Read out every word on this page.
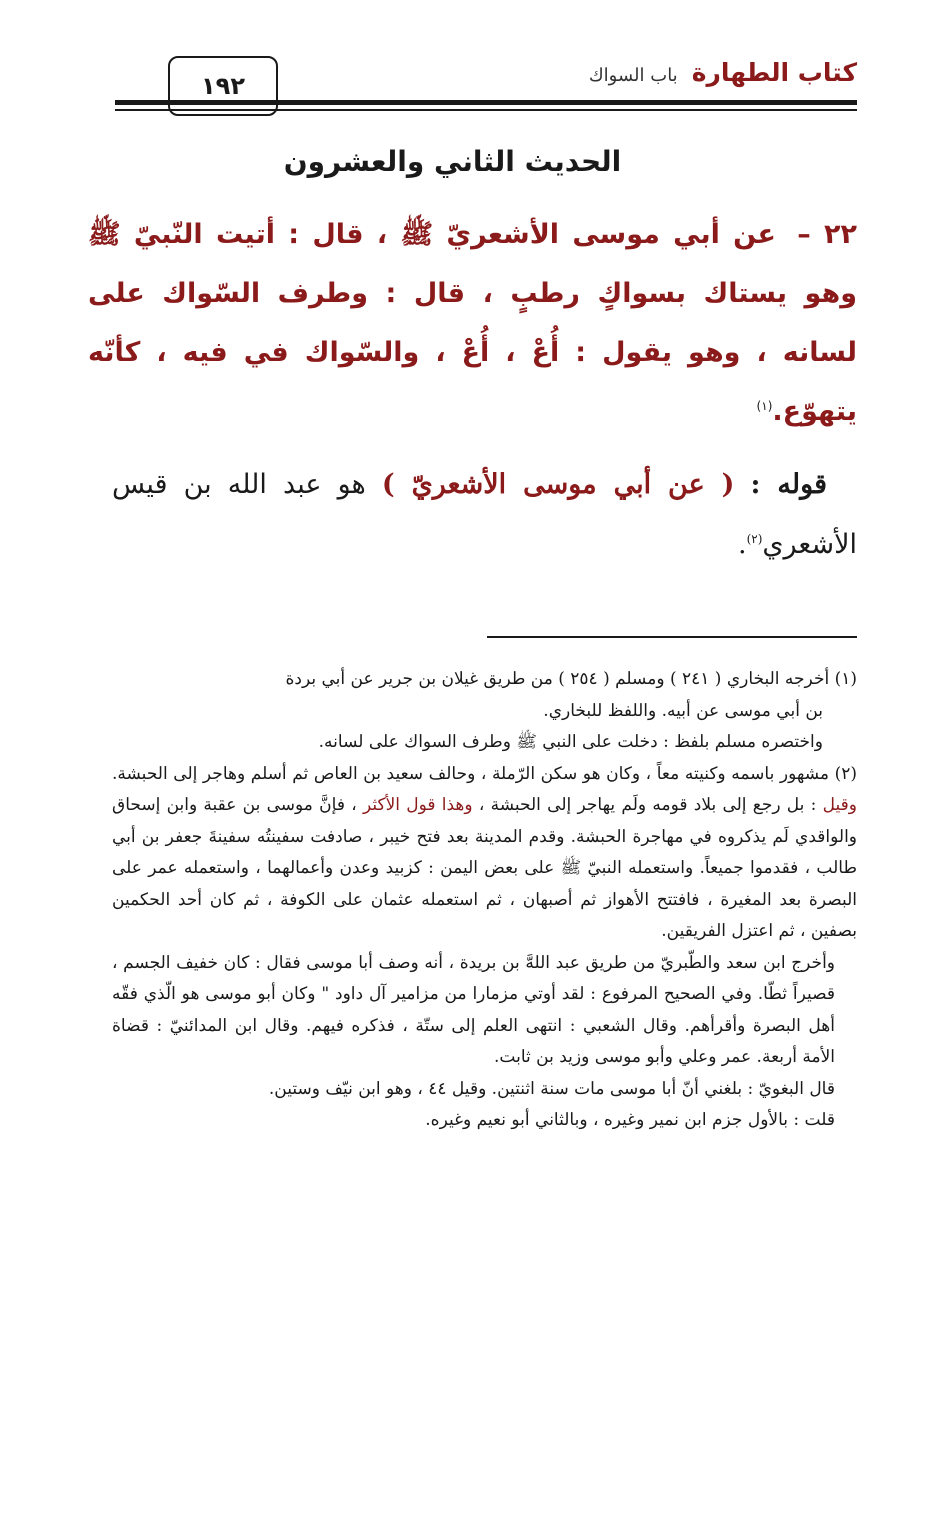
كتاب الطهارة
باب السواك
١٩٢
الحديث الثاني والعشرون
٢٢ – عن أبي موسى الأشعريّ ﷺ ، قال : أتيت النّبيّ ﷺ وهو يستاك بسواكٍ رطبٍ ، قال : وطرف السّواك على لسانه ، وهو يقول : أُعْ ، أُعْ ، والسّواك في فيه ، كأنّه يتهوّع.$^{(١)}$
قوله : ( عن أبي موسى الأشعريّ ) هو عبد الله بن قيس الأشعري$^{(٢)}$.
(١) أخرجه البخاري ( ٢٤١ ) ومسلم ( ٢٥٤ ) من طريق غيلان بن جرير عن أبي بردة
بن أبي موسى عن أبيه. واللفظ للبخاري.
واختصره مسلم بلفظ : دخلت على النبي ﷺ وطرف السواك على لسانه.
(٢) مشهور باسمه وكنيته معاً ، وكان هو سكن الرّملة ، وحالف سعيد بن العاص ثم أسلم وهاجر إلى الحبشة. وقيل : بل رجع إلى بلاد قومه ولَم يهاجر إلى الحبشة ، وهذا قول الأكثر ، فإنَّ موسى بن عقبة وابن إسحاق والواقدي لَم يذكروه في مهاجرة الحبشة. وقدم المدينة بعد فتح خيبر ، صادفت سفينتُه سفينةَ جعفر بن أبي طالب ، فقدموا جميعاً. واستعمله النبيّ ﷺ على بعض اليمن : كزبيد وعدن وأعمالهما ، واستعمله عمر على البصرة بعد المغيرة ، فافتتح الأهواز ثم أصبهان ، ثم استعمله عثمان على الكوفة ، ثم كان أحد الحكمين بصفين ، ثم اعتزل الفريقين.
وأخرج ابن سعد والطّبريّ من طريق عبد اللهَّ بن بريدة ، أنه وصف أبا موسى فقال : كان خفيف الجسم ، قصيراً ثطّا. وفي الصحيح المرفوع : لقد أوتي مزمارا من مزامير آل داود " وكان أبو موسى هو الّذي فقّه أهل البصرة وأقرأهم. وقال الشعبي : انتهى العلم إلى ستّة ، فذكره فيهم. وقال ابن المدائنيّ : قضاة الأمة أربعة. عمر وعلي وأبو موسى وزيد بن ثابت.
قال البغويّ : بلغني أنّ أبا موسى مات سنة اثنتين. وقيل ٤٤ ، وهو ابن نيّف وستين.
قلت : بالأول جزم ابن نمير وغيره ، وبالثاني أبو نعيم وغيره.
